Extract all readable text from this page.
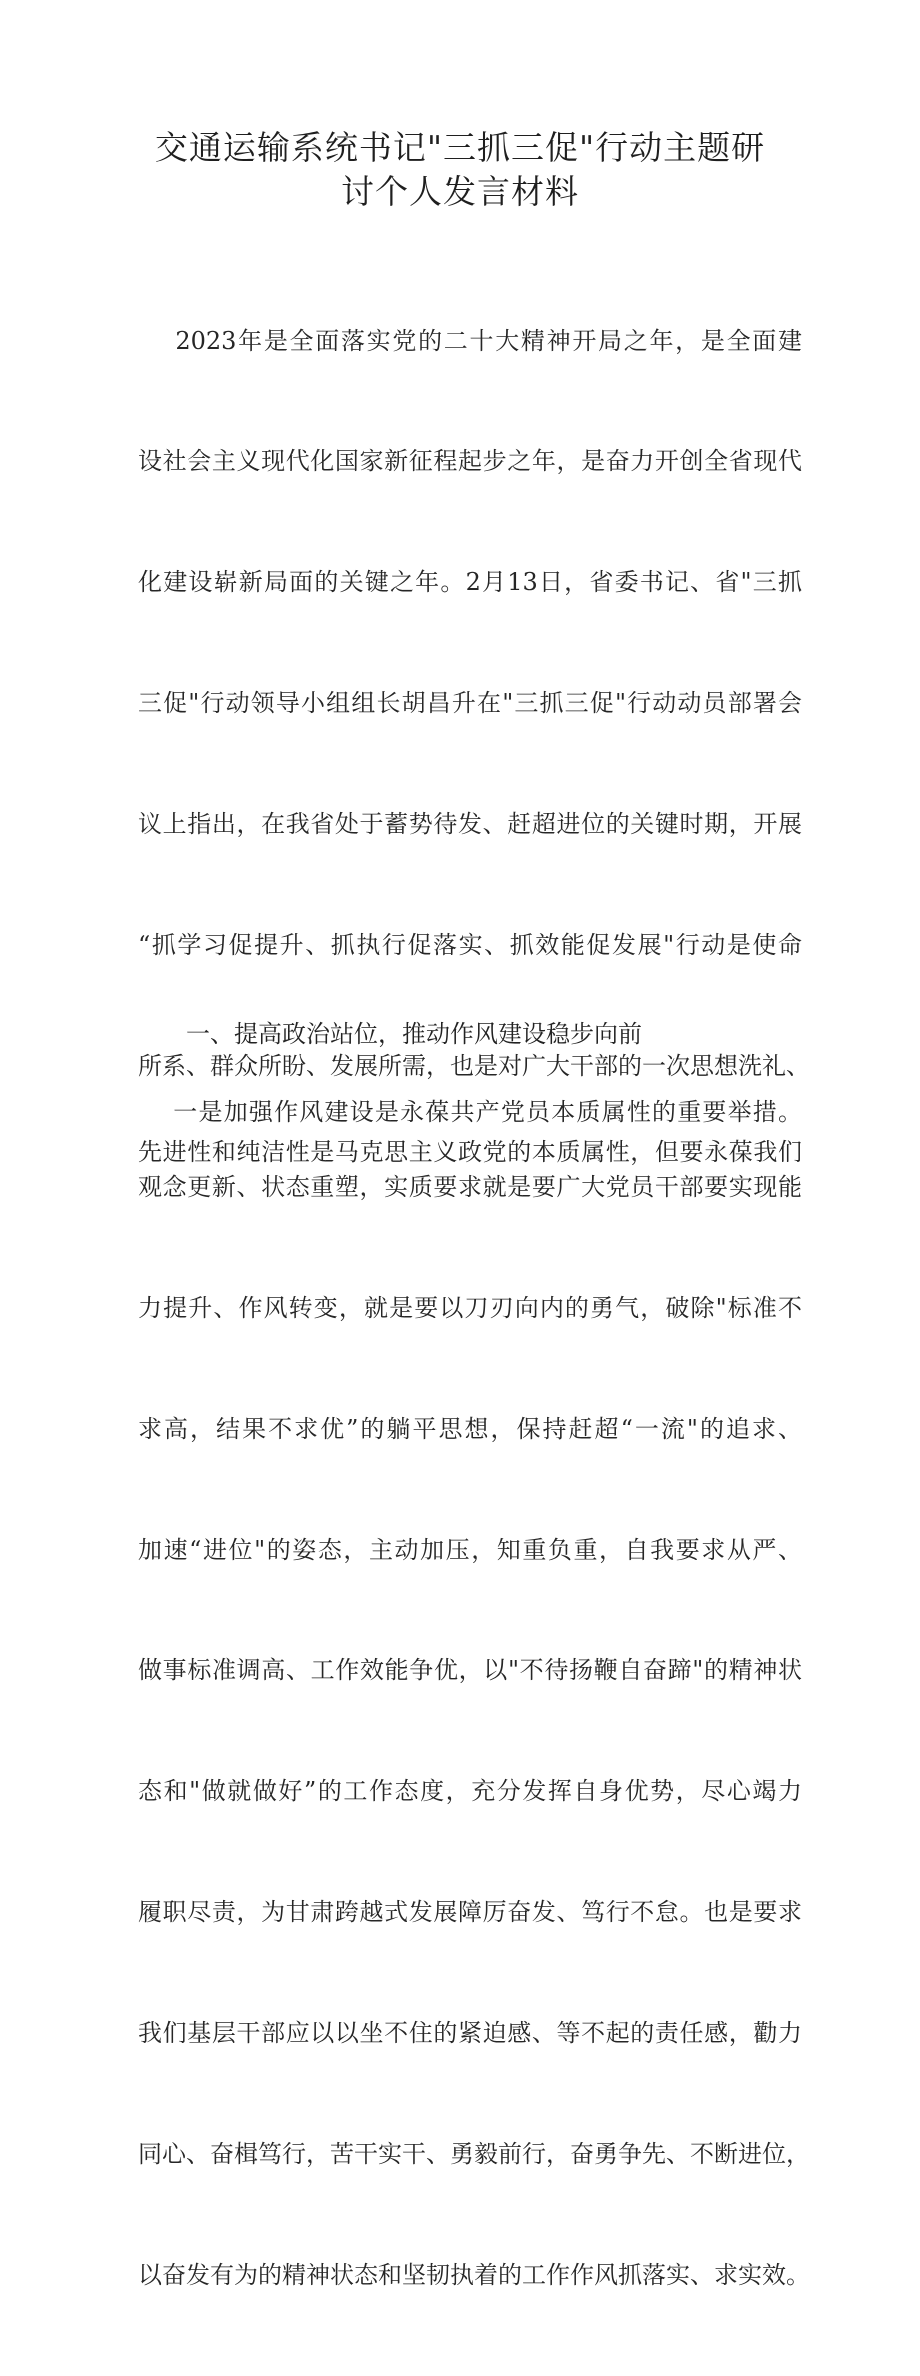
交通运输系统书记"三抓三促"行动主题研
讨个人发言材料

2023年是全面落实党的二十大精神开局之年，是全面建

设社会主义现代化国家新征程起步之年，是奋力开创全省现代

化建设崭新局面的关键之年。2月13日，省委书记、省"三抓

三促"行动领导小组组长胡昌升在"三抓三促"行动动员部署会

议上指出，在我省处于蓄势待发、赶超进位的关键时期，开展

“抓学习促提升、抓执行促落实、抓效能促发展"行动是使命

所系、群众所盼、发展所需，也是对广大干部的一次思想洗礼、

观念更新、状态重塑，实质要求就是要广大党员干部要实现能

力提升、作风转变，就是要以刀刃向内的勇气，破除"标准不

求高，结果不求优”的躺平思想，保持赶超“一流"的追求、

加速“进位"的姿态，主动加压，知重负重，自我要求从严、

做事标准调高、工作效能争优，以"不待扬鞭自奋蹄"的精神状

态和"做就做好”的工作态度，充分发挥自身优势，尽心竭力

履职尽责，为甘肃跨越式发展障厉奋发、笃行不怠。也是要求

我们基层干部应以以坐不住的紧迫感、等不起的责任感，勸力

同心、奋楫笃行，苦干实干、勇毅前行，奋勇争先、不断进位，

以奋发有为的精神状态和坚韧执着的工作作风抓落实、求实效。

一、提高政治站位，推动作风建设稳步向前
一是加强作风建设是永葆共产党员本质属性的重要举措。
先进性和纯洁性是马克思主义政党的本质属性，但要永葆我们
